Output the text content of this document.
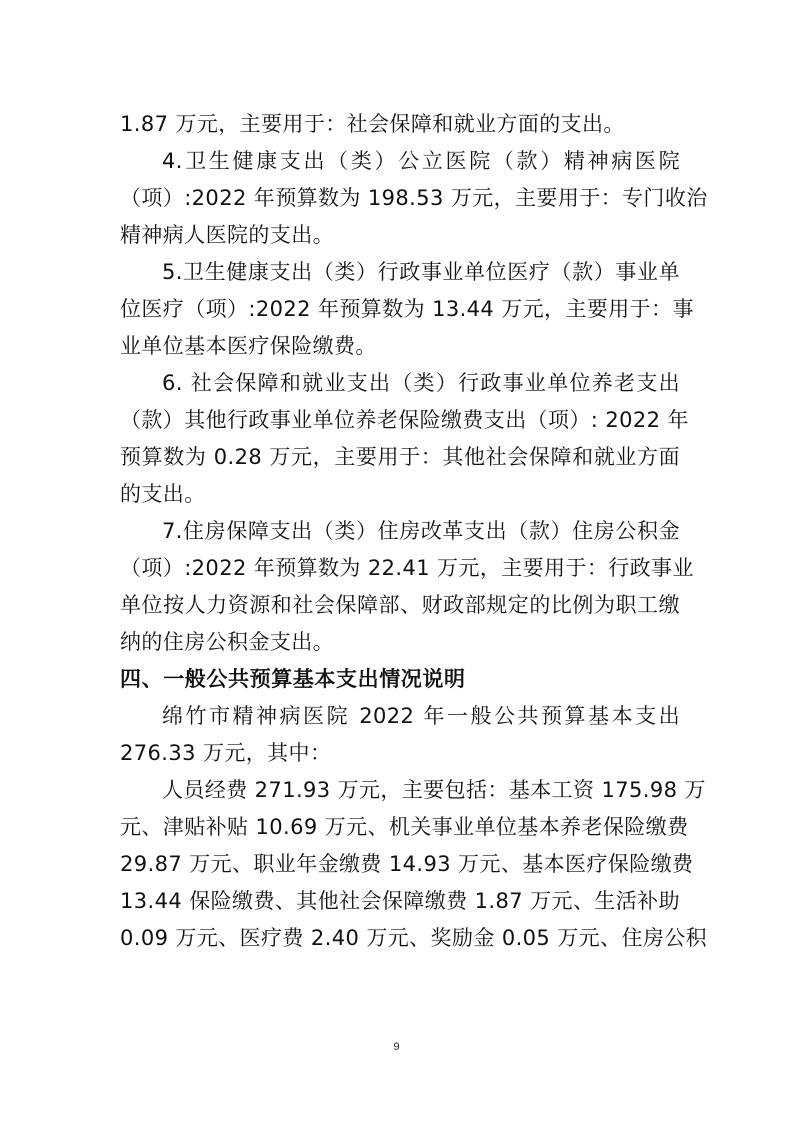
1.87 万元，主要用于：社会保障和就业方面的支出。
4.卫生健康支出（类）公立医院（款）精神病医院
（项）:2022 年预算数为 198.53 万元，主要用于：专门收治
精神病人医院的支出。
5.卫生健康支出（类）行政事业单位医疗（款）事业单
位医疗（项）:2022 年预算数为 13.44 万元，主要用于：事
业单位基本医疗保险缴费。
6. 社会保障和就业支出（类）行政事业单位养老支出
（款）其他行政事业单位养老保险缴费支出（项）: 2022 年
预算数为 0.28 万元，主要用于：其他社会保障和就业方面
的支出。
7.住房保障支出（类）住房改革支出（款）住房公积金
（项）:2022 年预算数为 22.41 万元，主要用于：行政事业
单位按人力资源和社会保障部、财政部规定的比例为职工缴
纳的住房公积金支出。
四、一般公共预算基本支出情况说明
绵竹市精神病医院 2022 年一般公共预算基本支出
276.33 万元，其中：
人员经费 271.93 万元，主要包括：基本工资 175.98 万
元、津贴补贴 10.69 万元、机关事业单位基本养老保险缴费
29.87 万元、职业年金缴费 14.93 万元、基本医疗保险缴费
13.44 保险缴费、其他社会保障缴费 1.87 万元、生活补助
0.09 万元、医疗费 2.40 万元、奖励金 0.05 万元、住房公积
9
